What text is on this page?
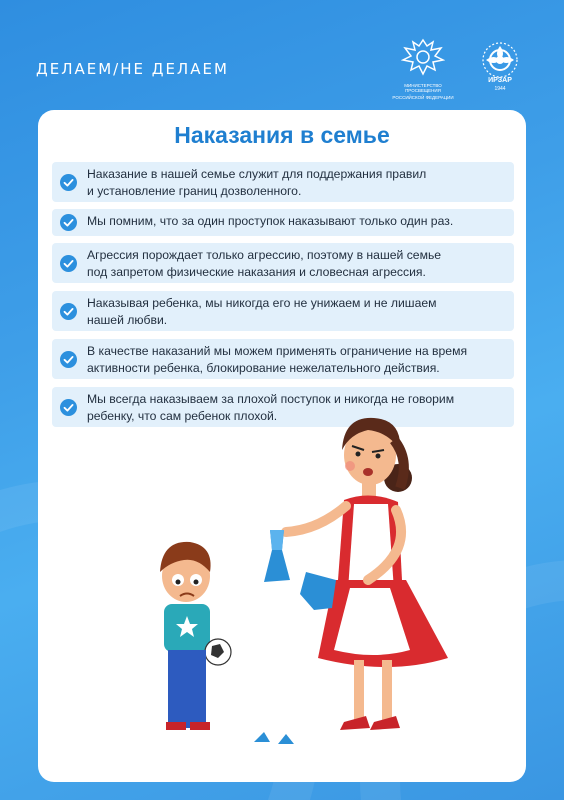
ДЕЛАЕМ/НЕ ДЕЛАЕМ
МИНИСТЕРСТВО ПРОСВЕЩЕНИЯ
РОССИЙСКОЙ ФЕДЕРАЦИИ
ИРЗАР
1944
Наказания в семье
Наказание в нашей семье служит для поддержания правил
и установление границ дозволенного.
Мы помним, что за один проступок наказывают только один раз.
Агрессия порождает только агрессию, поэтому в нашей семье
под запретом физические наказания и словесная агрессия.
Наказывая ребенка, мы никогда его не унижаем и не лишаем
нашей любви.
В качестве наказаний мы можем применять ограничение на время
активности ребенка, блокирование нежелательного действия.
Мы всегда наказываем за плохой поступок и никогда не говорим
ребенку, что сам ребенок плохой.
